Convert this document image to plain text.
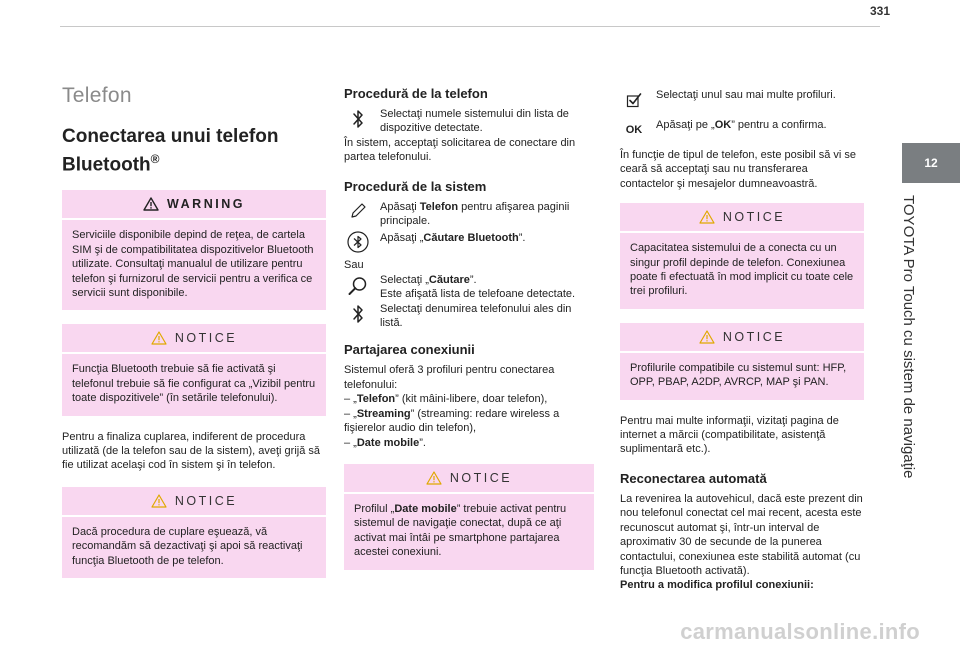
331
12
TOYOTA Pro Touch cu sistem de navigaţie
carmanualsonline.info
Telefon
Conectarea unui telefon Bluetooth®
WARNING

Serviciile disponibile depind de reţea, de cartela SIM şi de compatibilitatea dispozitivelor Bluetooth utilizate. Consultaţi manualul de utilizare pentru telefon şi furnizorul de servicii pentru a verifica ce servicii sunt disponibile.

NOTICE

Funcţia Bluetooth trebuie să fie activată şi telefonul trebuie să fie configurat ca „Vizibil pentru toate dispozitivele” (în setările telefonului).

Pentru a finaliza cuplarea, indiferent de procedura utilizată (de la telefon sau de la sistem), aveţi grijă să fie utilizat acelaşi cod în sistem şi în telefon.

NOTICE

Dacă procedura de cuplare eşuează, vă recomandăm să dezactivaţi şi apoi să reactivaţi funcţia Bluetooth de pe telefon.

Procedură de la telefon

Selectaţi numele sistemului din lista de dispozitive detectate.

În sistem, acceptaţi solicitarea de conectare din partea telefonului.

Procedură de la sistem

Apăsaţi Telefon pentru afişarea paginii principale.

Apăsaţi „Căutare Bluetooth”.

Sau

Selectaţi „Căutare”.

Este afişată lista de telefoane detectate.

Selectaţi denumirea telefonului ales din listă.

Partajarea conexiunii

Sistemul oferă 3 profiluri pentru conectarea telefonului:

– „Telefon” (kit mâini-libere, doar telefon),

– „Streaming” (streaming: redare wireless a fişierelor audio din telefon),

– „Date mobile”.

NOTICE

Profilul „Date mobile” trebuie activat pentru sistemul de navigaţie conectat, după ce aţi activat mai întâi pe smartphone partajarea acestei conexiuni.

Selectaţi unul sau mai multe profiluri.

OK Apăsaţi pe „OK” pentru a confirma.

În funcţie de tipul de telefon, este posibil să vi se ceară să acceptaţi sau nu transferarea contactelor şi mesajelor dumneavoastră.

NOTICE

Capacitatea sistemului de a conecta cu un singur profil depinde de telefon. Conexiunea poate fi efectuată în mod implicit cu toate cele trei profiluri.

NOTICE

Profilurile compatibile cu sistemul sunt: HFP, OPP, PBAP, A2DP, AVRCP, MAP şi PAN.

Pentru mai multe informaţii, vizitaţi pagina de internet a mărcii (compatibilitate, asistenţă suplimentară etc.).

Reconectarea automată

La revenirea la autovehicul, dacă este prezent din nou telefonul conectat cel mai recent, acesta este recunoscut automat şi, într-un interval de aproximativ 30 de secunde de la punerea contactului, conexiunea este stabilită automat (cu funcţia Bluetooth activată).

Pentru a modifica profilul conexiunii:
